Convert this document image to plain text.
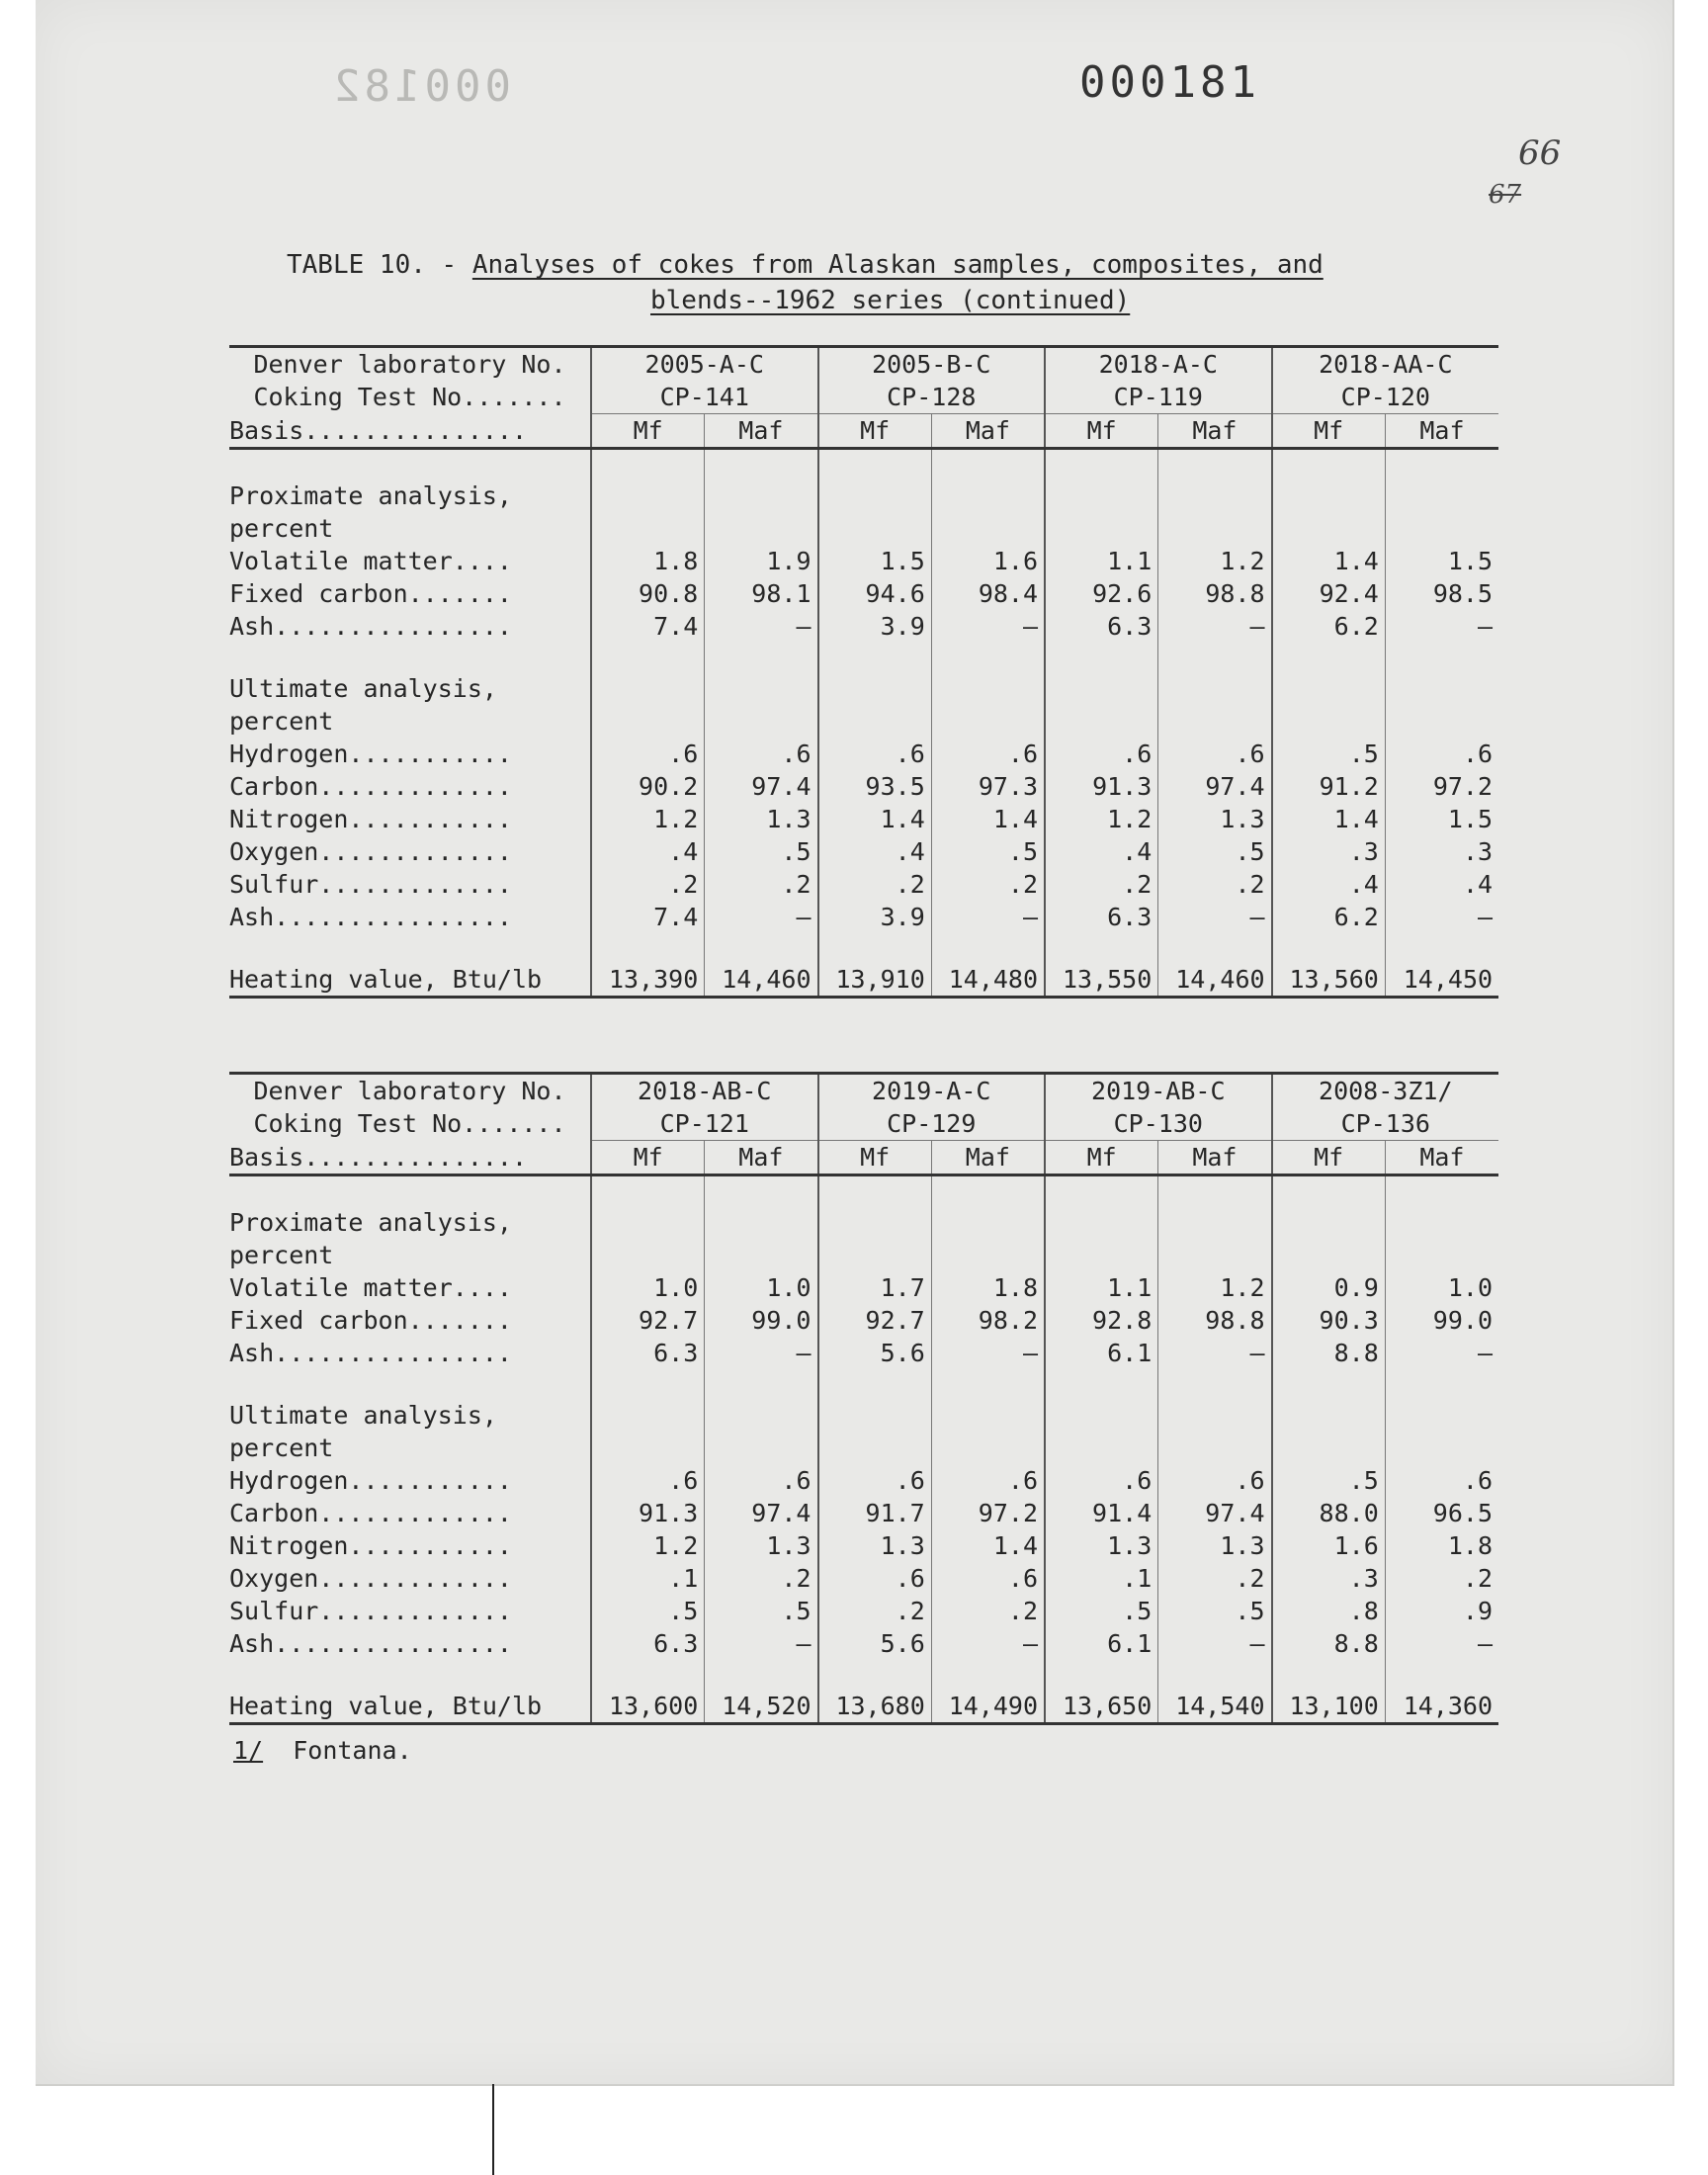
000182	000181
66
67
TABLE 10. - Analyses of cokes from Alaskan samples, composites, and
blends--1962 series (continued)
Denver laboratory No.	2005-A-C		2005-B-C		2018-A-C		2018-AA-C	
Coking Test No.......	CP-141		CP-128		CP-119		CP-120	
Basis...............	Mf	Maf	Mf	Maf	Mf	Maf	Mf	Maf

Proximate analysis,								
percent								
Volatile matter....	1.8	1.9	1.5	1.6	1.1	1.2	1.4	1.5
Fixed carbon.......	90.8	98.1	94.6	98.4	92.6	98.8	92.4	98.5
Ash................	7.4	—	3.9	—	6.3	—	6.2	—

Ultimate analysis,								
percent								
Hydrogen...........	.6	.6	.6	.6	.6	.6	.5	.6
Carbon.............	90.2	97.4	93.5	97.3	91.3	97.4	91.2	97.2
Nitrogen...........	1.2	1.3	1.4	1.4	1.2	1.3	1.4	1.5
Oxygen.............	.4	.5	.4	.5	.4	.5	.3	.3
Sulfur.............	.2	.2	.2	.2	.2	.2	.4	.4
Ash................	7.4	—	3.9	—	6.3	—	6.2	—

Heating value, Btu/lb	13,390	14,460	13,910	14,480	13,550	14,460	13,560	14,450
Denver laboratory No.	2018-AB-C		2019-A-C		2019-AB-C		2008-3Z1/	
Coking Test No.......	CP-121		CP-129		CP-130		CP-136	
Basis...............	Mf	Maf	Mf	Maf	Mf	Maf	Mf	Maf

Proximate analysis,								
percent								
Volatile matter....	1.0	1.0	1.7	1.8	1.1	1.2	0.9	1.0
Fixed carbon.......	92.7	99.0	92.7	98.2	92.8	98.8	90.3	99.0
Ash................	6.3	—	5.6	—	6.1	—	8.8	—

Ultimate analysis,								
percent								
Hydrogen...........	.6	.6	.6	.6	.6	.6	.5	.6
Carbon.............	91.3	97.4	91.7	97.2	91.4	97.4	88.0	96.5
Nitrogen...........	1.2	1.3	1.3	1.4	1.3	1.3	1.6	1.8
Oxygen.............	.1	.2	.6	.6	.1	.2	.3	.2
Sulfur.............	.5	.5	.2	.2	.5	.5	.8	.9
Ash................	6.3	—	5.6	—	6.1	—	8.8	—

Heating value, Btu/lb	13,600	14,520	13,680	14,490	13,650	14,540	13,100	14,360
1/ Fontana.
